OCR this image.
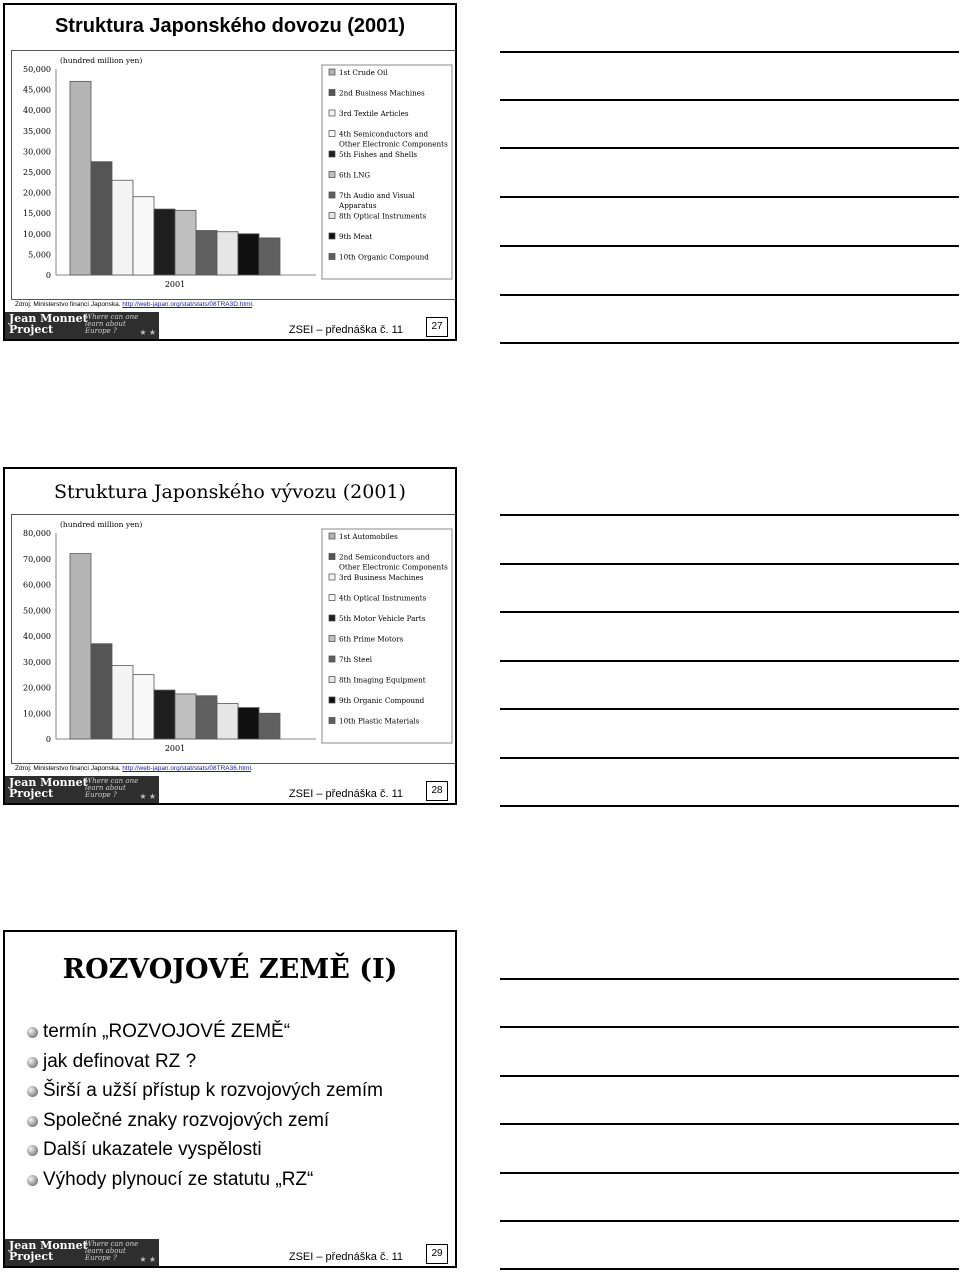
Struktura Japonského dovozu (2001)
(hundred million yen)
0
5,000
10,000
15,000
20,000
25,000
30,000
35,000
40,000
45,000
50,000
2001
1st Crude Oil
2nd Business Machines
3rd Textile Articles
4th Semiconductors and
Other Electronic Components
5th Fishes and Shells
6th LNG
7th Audio and Visual
Apparatus
8th Optical Instruments
9th Meat
10th Organic Compound
Zdroj: Ministerstvo financí Japonska. http://web-japan.org/stat/stats/08TRA3D.html.
Jean Monnet
Project
Where can one learn about Europe ?	★ ★	ZSEI – přednáška č. 11	27
Struktura Japonského vývozu (2001)
(hundred million yen)
0
10,000
20,000
30,000
40,000
50,000
60,000
70,000
80,000
2001
1st Automobiles
2nd Semiconductors and
Other Electronic Components
3rd Business Machines
4th Optical Instruments
5th Motor Vehicle Parts
6th Prime Motors
7th Steel
8th Imaging Equipment
9th Organic Compound
10th Plastic Materials
Zdroj: Ministerstvo financí Japonska. http://web-japan.org/stat/stats/08TRA36.html.
Jean Monnet
Project
Where can one learn about Europe ?	★ ★	ZSEI – přednáška č. 11	28
ROZVOJOVÉ ZEMĚ (I)
termín „ROZVOJOVÉ ZEMĚ“
jak definovat RZ ?
Širší a užší přístup k rozvojových zemím
Společné znaky rozvojových zemí
Další ukazatele vyspělosti
Výhody plynoucí ze statutu „RZ“
Jean Monnet
Project
Where can one learn about Europe ?	★ ★	ZSEI – přednáška č. 11	29
